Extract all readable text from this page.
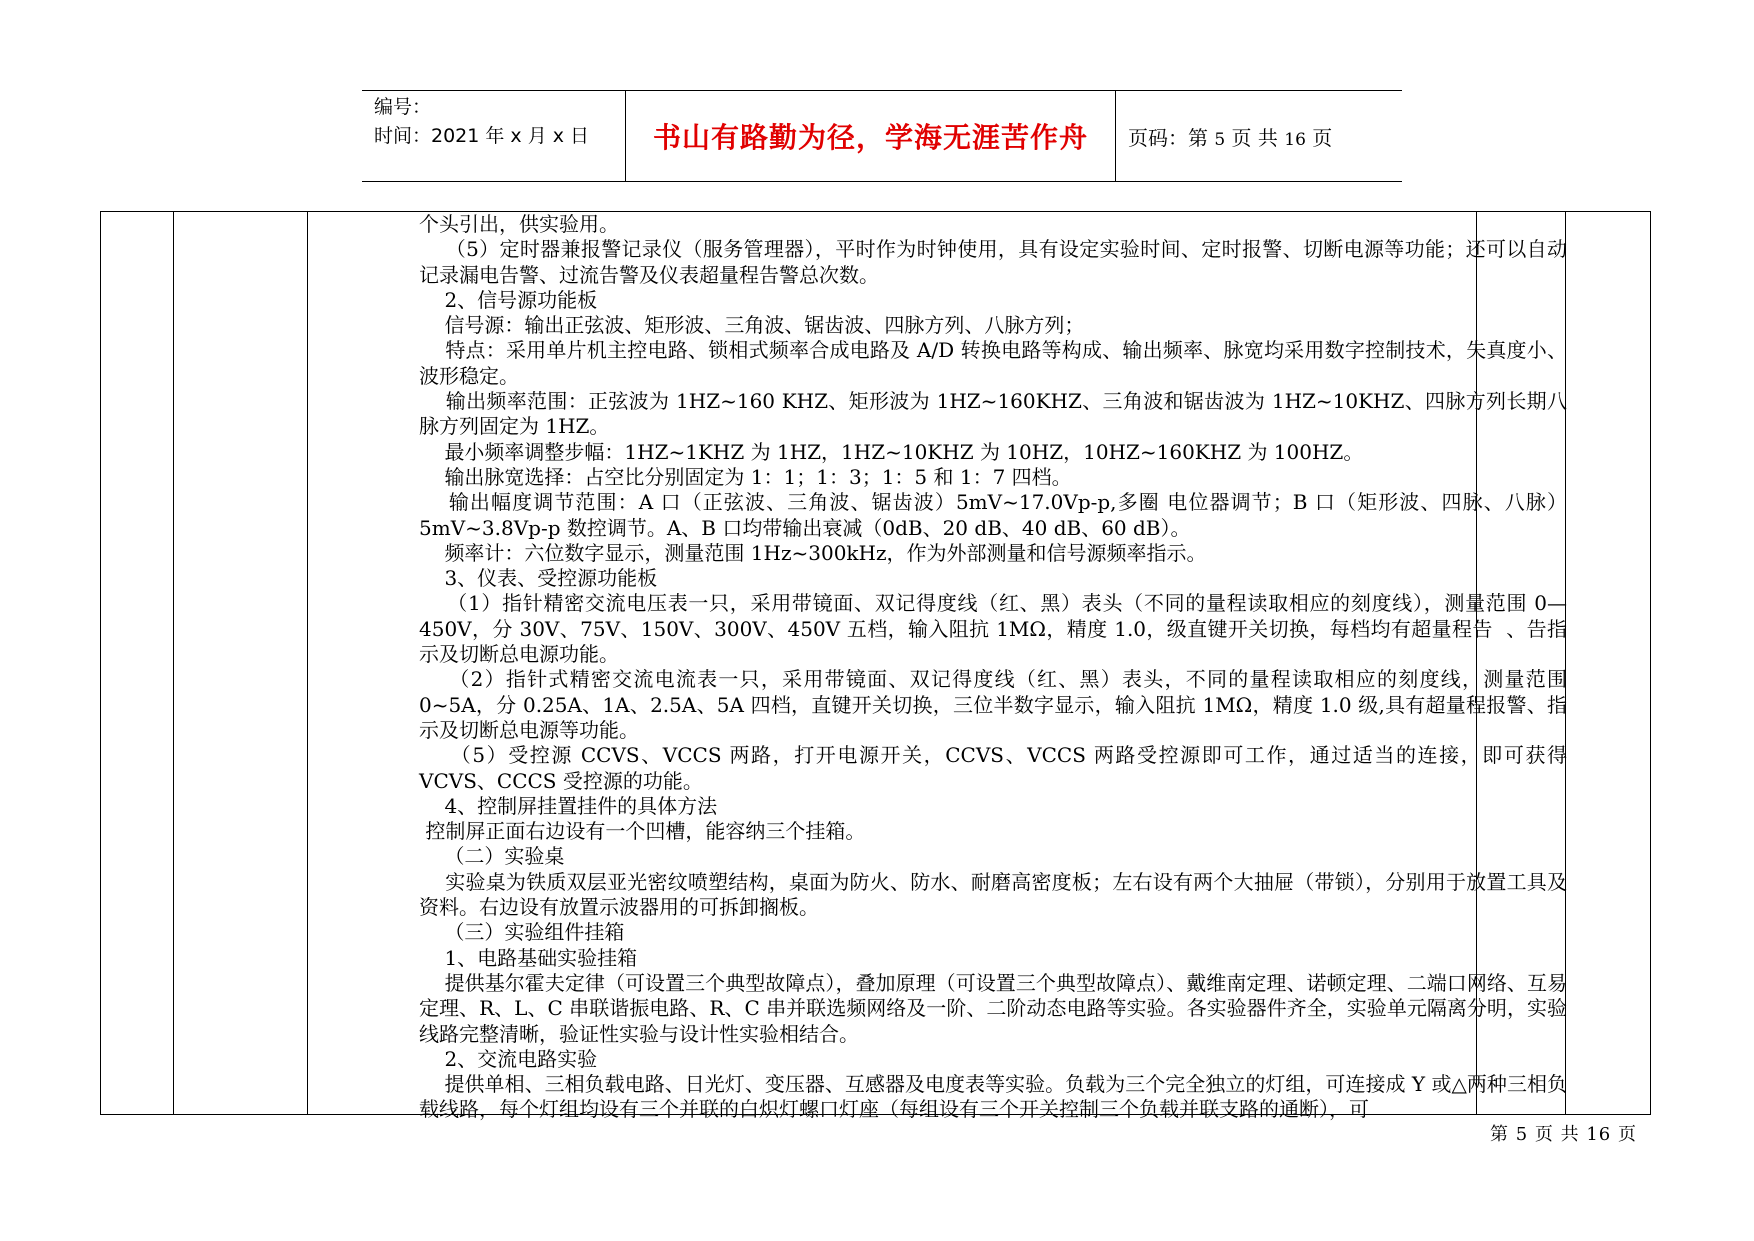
编号：
时间：2021 年 x 月 x 日	书山有路勤为径，学海无涯苦作舟 页码：第 5 页 共 16 页

个头引出，供实验用。

（5）定时器兼报警记录仪（服务管理器），平时作为时钟使用，具有设定实验时间、定时报警、切断电源等功能；还可以自动记录漏电告警、过流告警及仪表超量程告警总次数。

2、信号源功能板

信号源：输出正弦波、矩形波、三角波、锯齿波、四脉方列、八脉方列；

特点：采用单片机主控电路、锁相式频率合成电路及 A/D 转换电路等构成、输出频率、脉宽均采用数字控制技术，失真度小、波形稳定。

输出频率范围：正弦波为 1HZ~160 KHZ、矩形波为 1HZ~160KHZ、三角波和锯齿波为 1HZ~10KHZ、四脉方列长期八脉方列固定为 1HZ。

最小频率调整步幅：1HZ~1KHZ 为 1HZ，1HZ~10KHZ 为 10HZ，10HZ~160KHZ 为 100HZ。

输出脉宽选择：占空比分别固定为 1：1；1：3；1：5 和 1：7 四档。

输出幅度调节范围：A 口（正弦波、三角波、锯齿波）5mV~17.0Vp-p,多圈 电位器调节；B 口（矩形波、四脉、八脉）5mV~3.8Vp-p 数控调节。A、B 口均带输出衰减（0dB、20 dB、40 dB、60 dB）。

频率计：六位数字显示，测量范围 1Hz~300kHz，作为外部测量和信号源频率指示。

3、仪表、受控源功能板

（1）指针精密交流电压表一只，采用带镜面、双记得度线（红、黑）表头（不同的量程读取相应的刻度线），测量范围 0—450V，分 30V、75V、150V、300V、450V 五档，输入阻抗 1MΩ，精度 1.0，级直键开关切换，每档均有超量程告  、告指示及切断总电源功能。

（2）指针式精密交流电流表一只，采用带镜面、双记得度线（红、黑）表头，不同的量程读取相应的刻度线，测量范围 0~5A，分 0.25A、1A、2.5A、5A 四档，直键开关切换，三位半数字显示，输入阻抗 1MΩ，精度 1.0 级,具有超量程报警、指示及切断总电源等功能。

（5）受控源 CCVS、VCCS 两路，打开电源开关，CCVS、VCCS 两路受控源即可工作，通过适当的连接，即可获得 VCVS、CCCS 受控源的功能。

4、控制屏挂置挂件的具体方法

控制屏正面右边设有一个凹槽，能容纳三个挂箱。

（二）实验桌

实验桌为铁质双层亚光密纹喷塑结构，桌面为防火、防水、耐磨高密度板；左右设有两个大抽屉（带锁），分别用于放置工具及资料。右边设有放置示波器用的可拆卸搁板。

（三）实验组件挂箱

1、电路基础实验挂箱

提供基尔霍夫定律（可设置三个典型故障点），叠加原理（可设置三个典型故障点）、戴维南定理、诺顿定理、二端口网络、互易定理、R、L、C 串联谐振电路、R、C 串并联选频网络及一阶、二阶动态电路等实验。各实验器件齐全，实验单元隔离分明，实验线路完整清晰，验证性实验与设计性实验相结合。

2、交流电路实验

提供单相、三相负载电路、日光灯、变压器、互感器及电度表等实验。负载为三个完全独立的灯组，可连接成 Y 或△两种三相负载线路，每个灯组均设有三个并联的白炽灯螺口灯座（每组设有三个开关控制三个负载并联支路的通断），可

第 5 页 共 16 页
